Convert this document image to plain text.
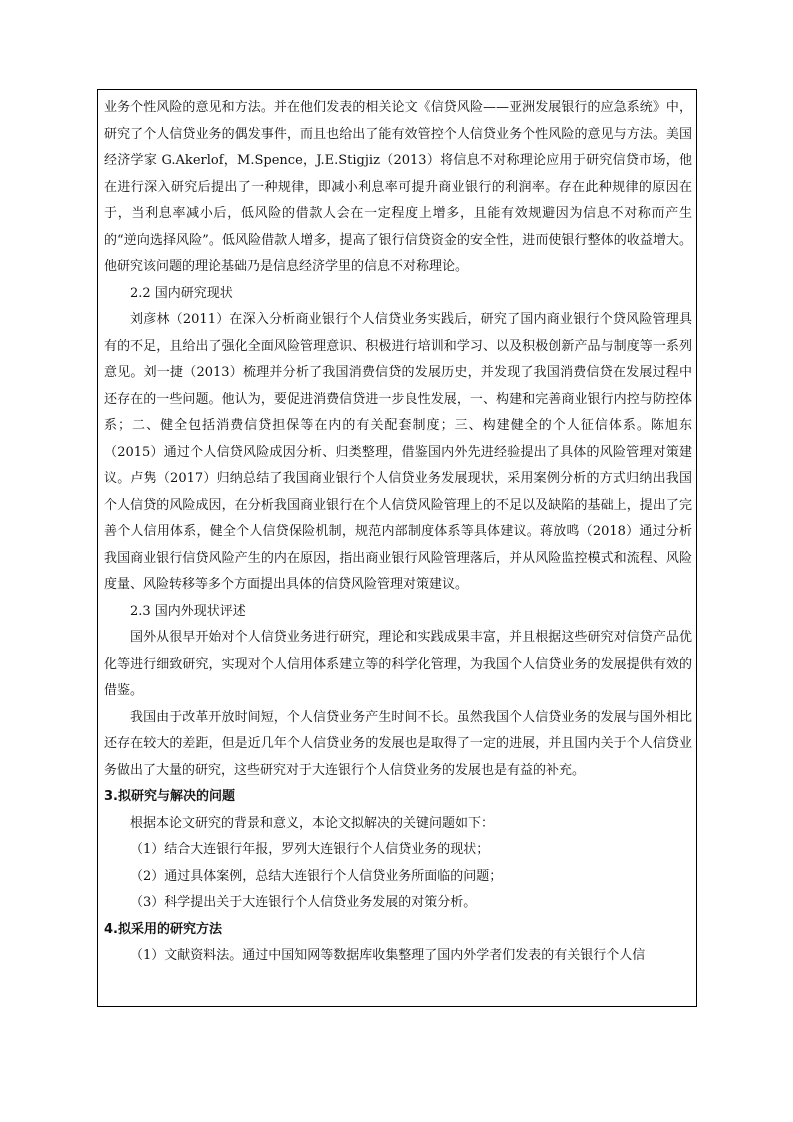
业务个性风险的意见和方法。并在他们发表的相关论文《信贷风险——亚洲发展银行的应急系统》中，研究了个人信贷业务的偶发事件，而且也给出了能有效管控个人信贷业务个性风险的意见与方法。美国经济学家 G.Akerlof，M.Spence，J.E.Stigjiz（2013）将信息不对称理论应用于研究信贷市场，他在进行深入研究后提出了一种规律，即减小利息率可提升商业银行的利润率。存在此种规律的原因在于，当利息率减小后，低风险的借款人会在一定程度上增多，且能有效规避因为信息不对称而产生的“逆向选择风险”。低风险借款人增多，提高了银行信贷资金的安全性，进而使银行整体的收益增大。他研究该问题的理论基础乃是信息经济学里的信息不对称理论。

2.2 国内研究现状

刘彦林（2011）在深入分析商业银行个人信贷业务实践后，研究了国内商业银行个贷风险管理具有的不足，且给出了强化全面风险管理意识、积极进行培训和学习、以及积极创新产品与制度等一系列意见。刘一捷（2013）梳理并分析了我国消费信贷的发展历史，并发现了我国消费信贷在发展过程中还存在的一些问题。他认为，要促进消费信贷进一步良性发展，一、构建和完善商业银行内控与防控体系；二、健全包括消费信贷担保等在内的有关配套制度；三、构建健全的个人征信体系。陈旭东（2015）通过个人信贷风险成因分析、归类整理，借鉴国内外先进经验提出了具体的风险管理对策建议。卢隽（2017）归纳总结了我国商业银行个人信贷业务发展现状，采用案例分析的方式归纳出我国个人信贷的风险成因，在分析我国商业银行在个人信贷风险管理上的不足以及缺陷的基础上，提出了完善个人信用体系，健全个人信贷保险机制，规范内部制度体系等具体建议。蒋放鸣（2018）通过分析我国商业银行信贷风险产生的内在原因，指出商业银行风险管理落后，并从风险监控模式和流程、风险度量、风险转移等多个方面提出具体的信贷风险管理对策建议。

2.3 国内外现状评述

国外从很早开始对个人信贷业务进行研究，理论和实践成果丰富，并且根据这些研究对信贷产品优化等进行细致研究，实现对个人信用体系建立等的科学化管理，为我国个人信贷业务的发展提供有效的借鉴。

我国由于改革开放时间短，个人信贷业务产生时间不长。虽然我国个人信贷业务的发展与国外相比还存在较大的差距，但是近几年个人信贷业务的发展也是取得了一定的进展，并且国内关于个人信贷业务做出了大量的研究，这些研究对于大连银行个人信贷业务的发展也是有益的补充。

3.拟研究与解决的问题

根据本论文研究的背景和意义，本论文拟解决的关键问题如下：

（1）结合大连银行年报，罗列大连银行个人信贷业务的现状；

（2）通过具体案例，总结大连银行个人信贷业务所面临的问题；

（3）科学提出关于大连银行个人信贷业务发展的对策分析。

4.拟采用的研究方法

（1）文献资料法。通过中国知网等数据库收集整理了国内外学者们发表的有关银行个人信
